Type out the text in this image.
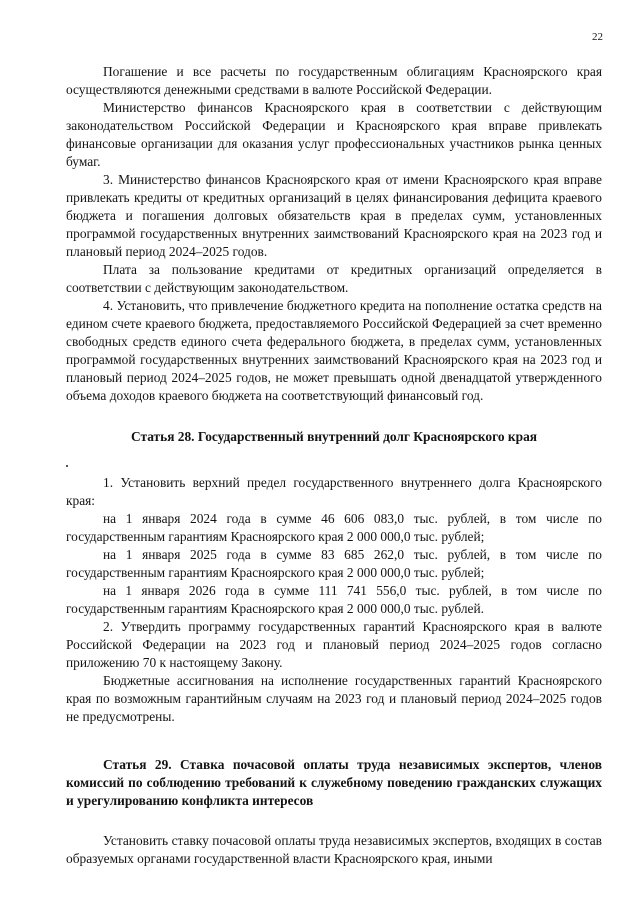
22

Погашение и все расчеты по государственным облигациям Красноярского края осуществляются денежными средствами в валюте Российской Федерации.

Министерство финансов Красноярского края в соответствии с действующим законодательством Российской Федерации и Красноярского края вправе привлекать финансовые организации для оказания услуг профессиональных участников рынка ценных бумаг.

3. Министерство финансов Красноярского края от имени Красноярского края вправе привлекать кредиты от кредитных организаций в целях финансирования дефицита краевого бюджета и погашения долговых обязательств края в пределах сумм, установленных программой государственных внутренних заимствований Красноярского края на 2023 год и плановый период 2024–2025 годов.

Плата за пользование кредитами от кредитных организаций определяется в соответствии с действующим законодательством.

4. Установить, что привлечение бюджетного кредита на пополнение остатка средств на едином счете краевого бюджета, предоставляемого Российской Федерацией за счет временно свободных средств единого счета федерального бюджета, в пределах сумм, установленных программой государственных внутренних заимствований Красноярского края на 2023 год и плановый период 2024–2025 годов, не может превышать одной двенадцатой утвержденного объема доходов краевого бюджета на соответствующий финансовый год.

Статья 28. Государственный внутренний долг Красноярского края

1. Установить верхний предел государственного внутреннего долга Красноярского края:

на 1 января 2024 года в сумме 46 606 083,0 тыс. рублей, в том числе по государственным гарантиям Красноярского края 2 000 000,0 тыс. рублей;

на 1 января 2025 года в сумме 83 685 262,0 тыс. рублей, в том числе по государственным гарантиям Красноярского края 2 000 000,0 тыс. рублей;

на 1 января 2026 года в сумме 111 741 556,0 тыс. рублей, в том числе по государственным гарантиям Красноярского края 2 000 000,0 тыс. рублей.

2. Утвердить программу государственных гарантий Красноярского края в валюте Российской Федерации на 2023 год и плановый период 2024–2025 годов согласно приложению 70 к настоящему Закону.

Бюджетные ассигнования на исполнение государственных гарантий Красноярского края по возможным гарантийным случаям на 2023 год и плановый период 2024–2025 годов не предусмотрены.

Статья 29. Ставка почасовой оплаты труда независимых экспертов, членов комиссий по соблюдению требований к служебному поведению гражданских служащих и урегулированию конфликта интересов

Установить ставку почасовой оплаты труда независимых экспертов, входящих в состав образуемых органами государственной власти Красноярского края, иными
